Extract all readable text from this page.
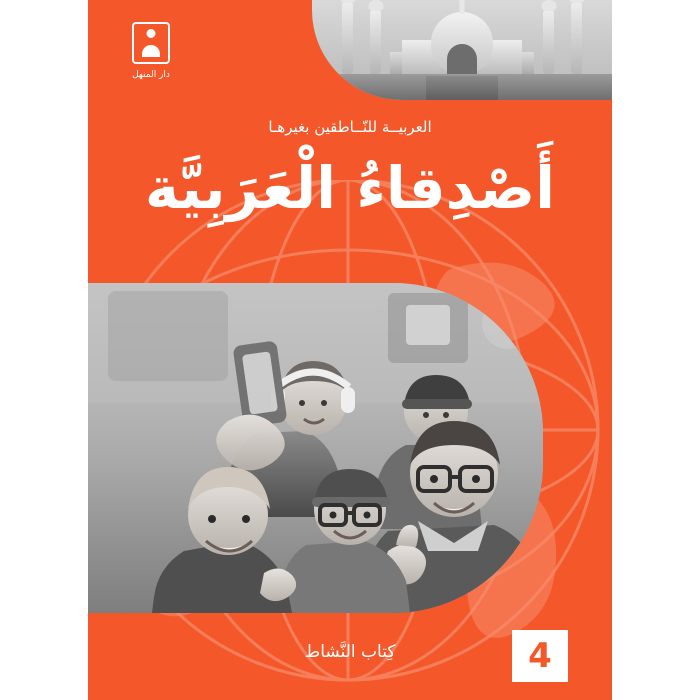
دار المنهل
العربيــة للنّــاطقين بغيرهـا
أَصْدِقاءُ الْعَرَبِيَّة
كِتاب النَّشاط	4
